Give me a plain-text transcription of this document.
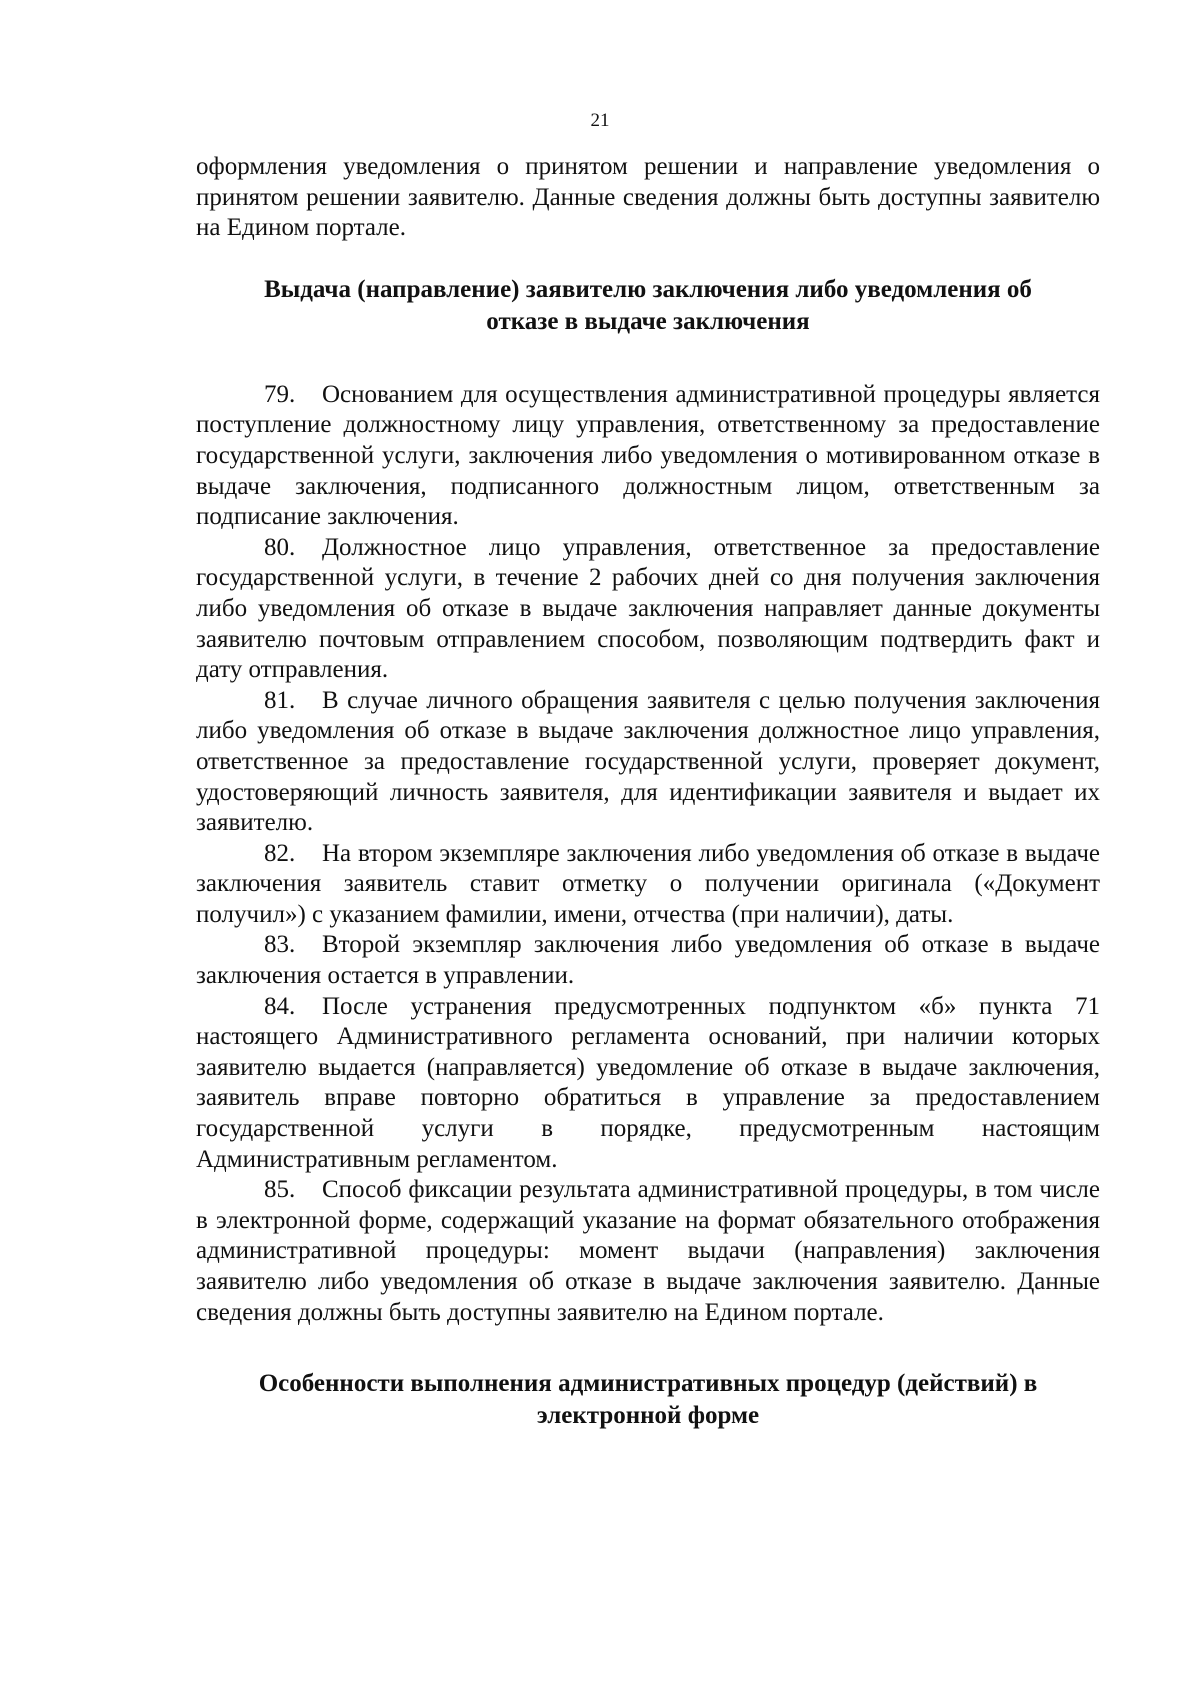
21

оформления уведомления о принятом решении и направление уведомления о принятом решении заявителю. Данные сведения должны быть доступны заявителю на Едином портале.

Выдача (направление) заявителю заключения либо уведомления об
отказе в выдаче заключения

79. Основанием для осуществления административной процедуры является поступление должностному лицу управления, ответственному за предоставление государственной услуги, заключения либо уведомления о мотивированном отказе в выдаче заключения, подписанного должностным лицом, ответственным за подписание заключения.

80. Должностное лицо управления, ответственное за предоставление государственной услуги, в течение 2 рабочих дней со дня получения заключения либо уведомления об отказе в выдаче заключения направляет данные документы заявителю почтовым отправлением способом, позволяющим подтвердить факт и дату отправления.

81. В случае личного обращения заявителя с целью получения заключения либо уведомления об отказе в выдаче заключения должностное лицо управления, ответственное за предоставление государственной услуги, проверяет документ, удостоверяющий личность заявителя, для идентификации заявителя и выдает их заявителю.

82. На втором экземпляре заключения либо уведомления об отказе в выдаче заключения заявитель ставит отметку о получении оригинала («Документ получил») с указанием фамилии, имени, отчества (при наличии), даты.

83. Второй экземпляр заключения либо уведомления об отказе в выдаче заключения остается в управлении.

84. После устранения предусмотренных подпунктом «б» пункта 71 настоящего Административного регламента оснований, при наличии которых заявителю выдается (направляется) уведомление об отказе в выдаче заключения, заявитель вправе повторно обратиться в управление за предоставлением государственной услуги в порядке, предусмотренным настоящим Административным регламентом.

85. Способ фиксации результата административной процедуры, в том числе в электронной форме, содержащий указание на формат обязательного отображения административной процедуры: момент выдачи (направления) заключения заявителю либо уведомления об отказе в выдаче заключения заявителю. Данные сведения должны быть доступны заявителю на Едином портале.

Особенности выполнения административных процедур (действий) в
электронной форме
